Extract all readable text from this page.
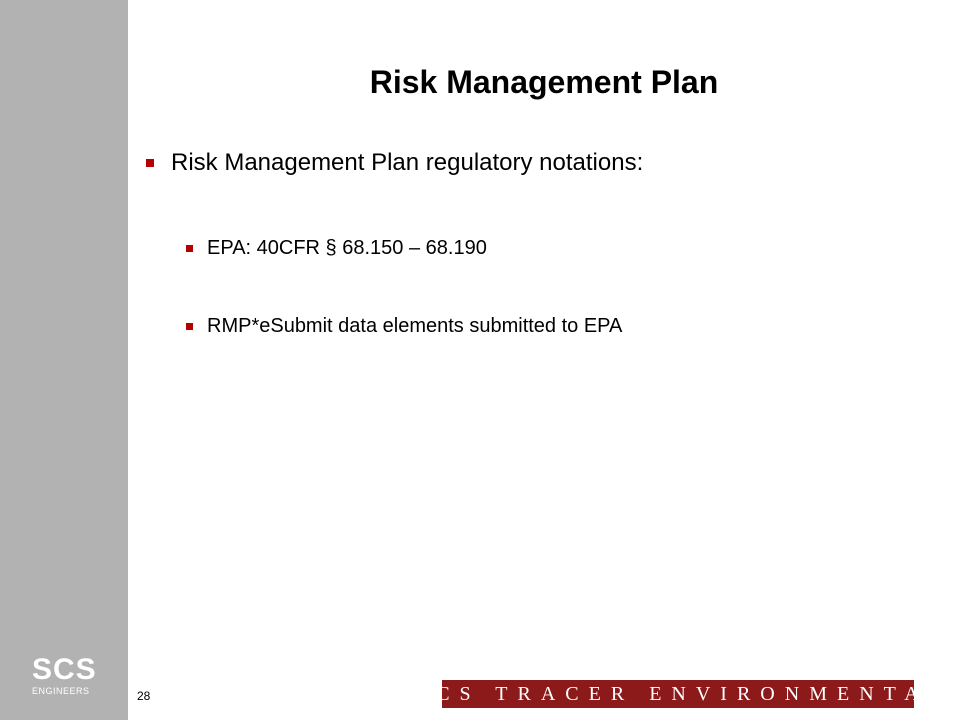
SCS
ENGINEERS
Risk Management Plan
Risk Management Plan regulatory notations:
EPA: 40CFR § 68.150 – 68.190
RMP*eSubmit data elements submitted to EPA
28	SCS TRACER ENVIRONMENTAL
